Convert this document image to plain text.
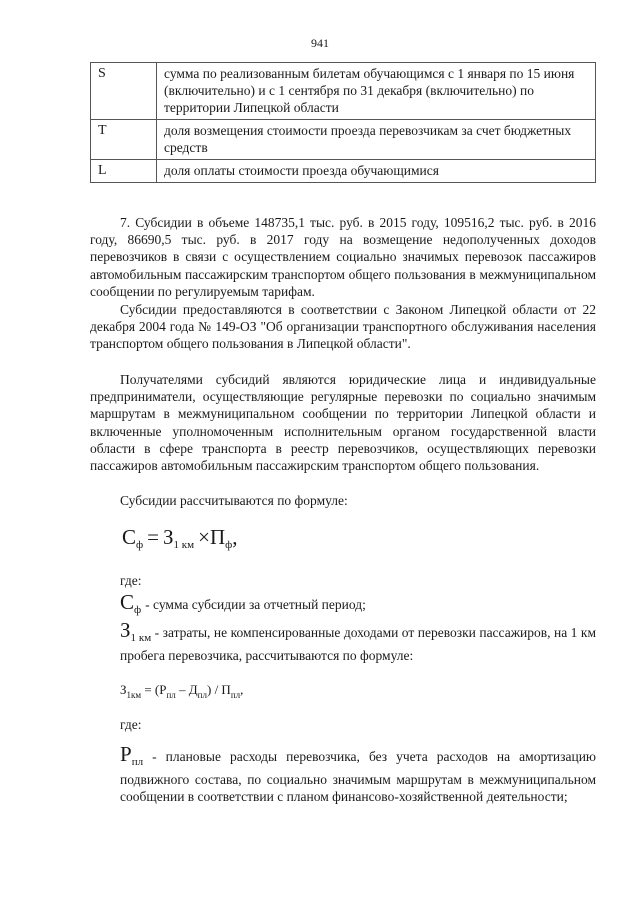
941
S	сумма по реализованным билетам обучающимся с 1 января по 15 июня (включительно) и с 1 сентября по 31 декабря (включительно) по территории Липецкой области
T	доля возмещения стоимости проезда перевозчикам за счет бюджетных средств
L	доля оплаты стоимости проезда обучающимися
7. Субсидии в объеме 148735,1 тыс. руб. в 2015 году, 109516,2 тыс. руб. в 2016 году, 86690,5 тыс. руб. в 2017 году на возмещение недополученных доходов перевозчиков в связи с осуществлением социально значимых перевозок пассажиров автомобильным пассажирским транспортом общего пользования в межмуниципальном сообщении по регулируемым тарифам.
Субсидии предоставляются в соответствии с Законом Липецкой области от 22 декабря 2004 года № 149-ОЗ "Об организации транспортного обслуживания населения транспортом общего пользования в Липецкой области".
Получателями субсидий являются юридические лица и индивидуальные предприниматели, осуществляющие регулярные перевозки по социально значимым маршрутам в межмуниципальном сообщении по территории Липецкой области и включенные уполномоченным исполнительным органом государственной власти области в сфере транспорта в реестр перевозчиков, осуществляющих перевозки пассажиров автомобильным пассажирским транспортом общего пользования.
Субсидии рассчитываются по формуле:
$С_ф = З_{1 км} \times П_ф$,
где:
$С_ф$ - сумма субсидии за отчетный период;
$З_{1 км}$ - затраты, не компенсированные доходами от перевозки пассажиров, на 1 км пробега перевозчика, рассчитываются по формуле:
$З_{1км} = (Р_{пл} - Д_{пл}) / П_{пл}$,
где:
$Р_{пл}$ - плановые расходы перевозчика, без учета расходов на амортизацию подвижного состава, по социально значимым маршрутам в межмуниципальном сообщении в соответствии с планом финансово-хозяйственной деятельности;
